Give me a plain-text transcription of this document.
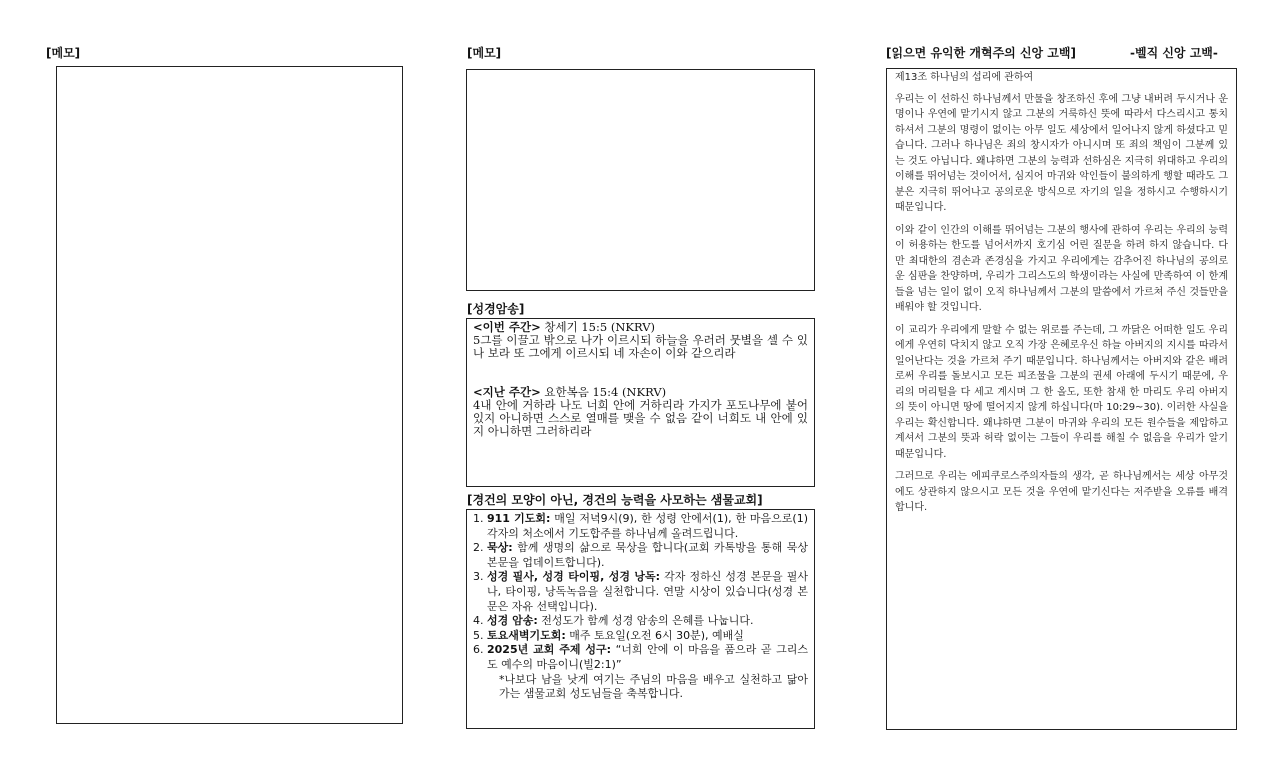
[메모]	[메모]
[성경암송]
<이번 주간> 창세기 15:5 (NKRV)

5그를 이끌고 밖으로 나가 이르시되 하늘을 우러러 뭇별을 셀 수 있나 보라 또 그에게 이르시되 네 자손이 이와 같으리라

<지난 주간> 요한복음 15:4 (NKRV)

4내 안에 거하라 나도 너희 안에 거하리라 가지가 포도나무에 붙어 있지 아니하면 스스로 열매를 맺을 수 없음 같이 너희도 내 안에 있지 아니하면 그러하리라

[경건의 모양이 아닌, 경건의 능력을 사모하는 샘물교회]
1. 911 기도회: 매일 저녁9시(9), 한 성령 안에서(1), 한 마음으로(1) 각자의 처소에서 기도합주를 하나님께 올려드립니다.
2. 묵상: 함께 생명의 삶으로 묵상을 합니다(교회 카톡방을 통해 묵상 본문을 업데이트합니다).
3. 성경 필사, 성경 타이핑, 성경 낭독: 각자 정하신 성경 본문을 필사나, 타이핑, 낭독녹음을 실천합니다. 연말 시상이 있습니다(성경 본문은 자유 선택입니다).
4. 성경 암송: 전성도가 함께 성경 암송의 은혜를 나눕니다.
5. 토요새벽기도회: 매주 토요일(오전 6시 30분), 예배실
6. 2025년 교회 주제 성구: “너희 안에 이 마음을 품으라 곧 그리스도 예수의 마음이니(빌2:1)”
*나보다 남을 낫게 여기는 주님의 마음을 배우고 실천하고 닮아가는 샘물교회 성도님들을 축복합니다.
[읽으면 유익한 개혁주의 신앙 고백]	-벨직 신앙 고백-
제13조 하나님의 섭리에 관하여

우리는 이 선하신 하나님께서 만물을 창조하신 후에 그냥 내버려 두시거나 운명이나 우연에 맡기시지 않고 그분의 거룩하신 뜻에 따라서 다스리시고 통치하셔서 그분의 명령이 없이는 아무 일도 세상에서 일어나지 않게 하셨다고 믿습니다. 그러나 하나님은 죄의 창시자가 아니시며 또 죄의 책임이 그분께 있는 것도 아닙니다. 왜냐하면 그분의 능력과 선하심은 지극히 위대하고 우리의 이해를 뛰어넘는 것이어서, 심지어 마귀와 악인들이 불의하게 행할 때라도 그분은 지극히 뛰어나고 공의로운 방식으로 자기의 일을 정하시고 수행하시기 때문입니다.

이와 같이 인간의 이해를 뛰어넘는 그분의 행사에 관하여 우리는 우리의 능력이 허용하는 한도를 넘어서까지 호기심 어린 질문을 하려 하지 않습니다. 다만 최대한의 겸손과 존경심을 가지고 우리에게는 감추어진 하나님의 공의로운 심판을 찬양하며, 우리가 그리스도의 학생이라는 사실에 만족하여 이 한계들을 넘는 일이 없이 오직 하나님께서 그분의 말씀에서 가르쳐 주신 것들만을 배워야 할 것입니다.

이 교리가 우리에게 말할 수 없는 위로를 주는데, 그 까닭은 어떠한 일도 우리에게 우연히 닥치지 않고 오직 가장 은혜로우신 하늘 아버지의 지시를 따라서 일어난다는 것을 가르쳐 주기 때문입니다. 하나님께서는 아버지와 같은 배려로써 우리를 돌보시고 모든 피조물을 그분의 권세 아래에 두시기 때문에, 우리의 머리털을 다 세고 계시며 그 한 올도, 또한 참새 한 마리도 우리 아버지의 뜻이 아니면 땅에 떨어지지 않게 하십니다(마 10:29~30). 이러한 사실을 우리는 확신합니다. 왜냐하면 그분이 마귀와 우리의 모든 원수들을 제압하고 계셔서 그분의 뜻과 허락 없이는 그들이 우리를 해칠 수 없음을 우리가 알기 때문입니다.

그러므로 우리는 에피쿠로스주의자들의 생각, 곧 하나님께서는 세상 아무것에도 상관하지 않으시고 모든 것을 우연에 맡기신다는 저주받을 오류를 배격합니다.
